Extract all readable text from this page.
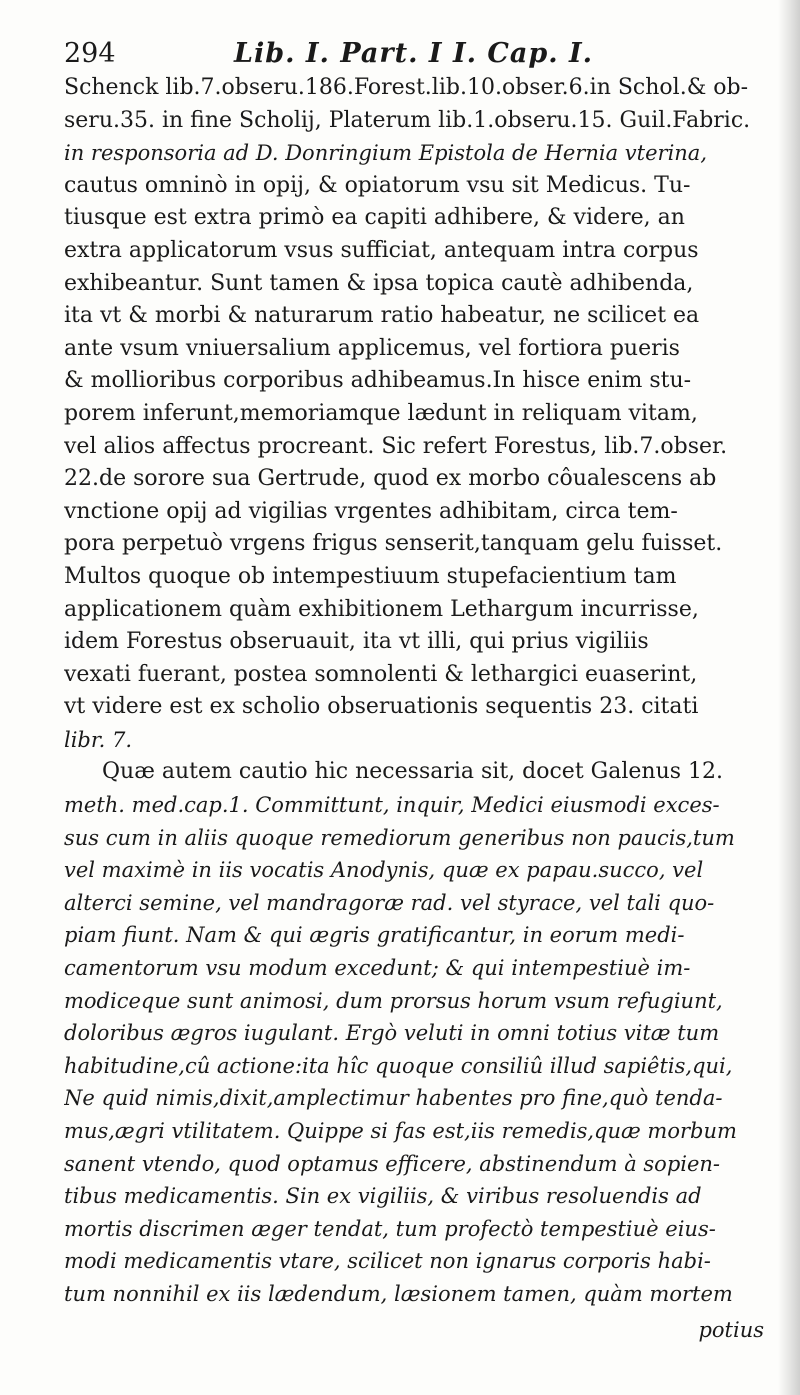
294	Lib. I. Part. I I. Cap. I.
Schenck lib.7.obseru.186.Forest.lib.10.obser.6.in Schol.& ob-
seru.35. in fine Scholij, Platerum lib.1.obseru.15. Guil.Fabric.
in responsoria ad D. Donringium Epistola de Hernia vterina,
cautus omninò in opij, & opiatorum vsu sit Medicus. Tu-
tiusque est extra primò ea capiti adhibere, & videre, an
extra applicatorum vsus sufficiat, antequam intra corpus
exhibeantur. Sunt tamen & ipsa topica cautè adhibenda,
ita vt & morbi & naturarum ratio habeatur, ne scilicet ea
ante vsum vniuersalium applicemus, vel fortiora pueris
& mollioribus corporibus adhibeamus.In hisce enim stu-
porem inferunt,memoriamque lædunt in reliquam vitam,
vel alios affectus procreant. Sic refert Forestus, lib.7.obser.
22.de sorore sua Gertrude, quod ex morbo côualescens ab
vnctione opij ad vigilias vrgentes adhibitam, circa tem-
pora perpetuò vrgens frigus senserit,tanquam gelu fuisset.
Multos quoque ob intempestiuum stupefacientium tam
applicationem quàm exhibitionem Lethargum incurrisse,
idem Forestus obseruauit, ita vt illi, qui prius vigiliis
vexati fuerant, postea somnolenti & lethargici euaserint,
vt videre est ex scholio obseruationis sequentis 23. citati
libr. 7.
Quæ autem cautio hic necessaria sit, docet Galenus 12.
meth. med.cap.1. Committunt, inquir, Medici eiusmodi exces-
sus cum in aliis quoque remediorum generibus non paucis,tum
vel maximè in iis vocatis Anodynis, quæ ex papau.succo, vel
alterci semine, vel mandragoræ rad. vel styrace, vel tali quo-
piam fiunt. Nam & qui ægris gratificantur, in eorum medi-
camentorum vsu modum excedunt; & qui intempestiuè im-
modiceque sunt animosi, dum prorsus horum vsum refugiunt,
doloribus ægros iugulant. Ergò veluti in omni totius vitæ tum
habitudine,cû actione:ita hîc quoque consiliû illud sapiêtis,qui,
Ne quid nimis,dixit,amplectimur habentes pro fine,quò tenda-
mus,ægri vtilitatem. Quippe si fas est,iis remedis,quæ morbum
sanent vtendo, quod optamus efficere, abstinendum à sopien-
tibus medicamentis. Sin ex vigiliis, & viribus resoluendis ad
mortis discrimen æger tendat, tum profectò tempestiuè eius-
modi medicamentis vtare, scilicet non ignarus corporis habi-
tum nonnihil ex iis lædendum, læsionem tamen, quàm mortem
potius
